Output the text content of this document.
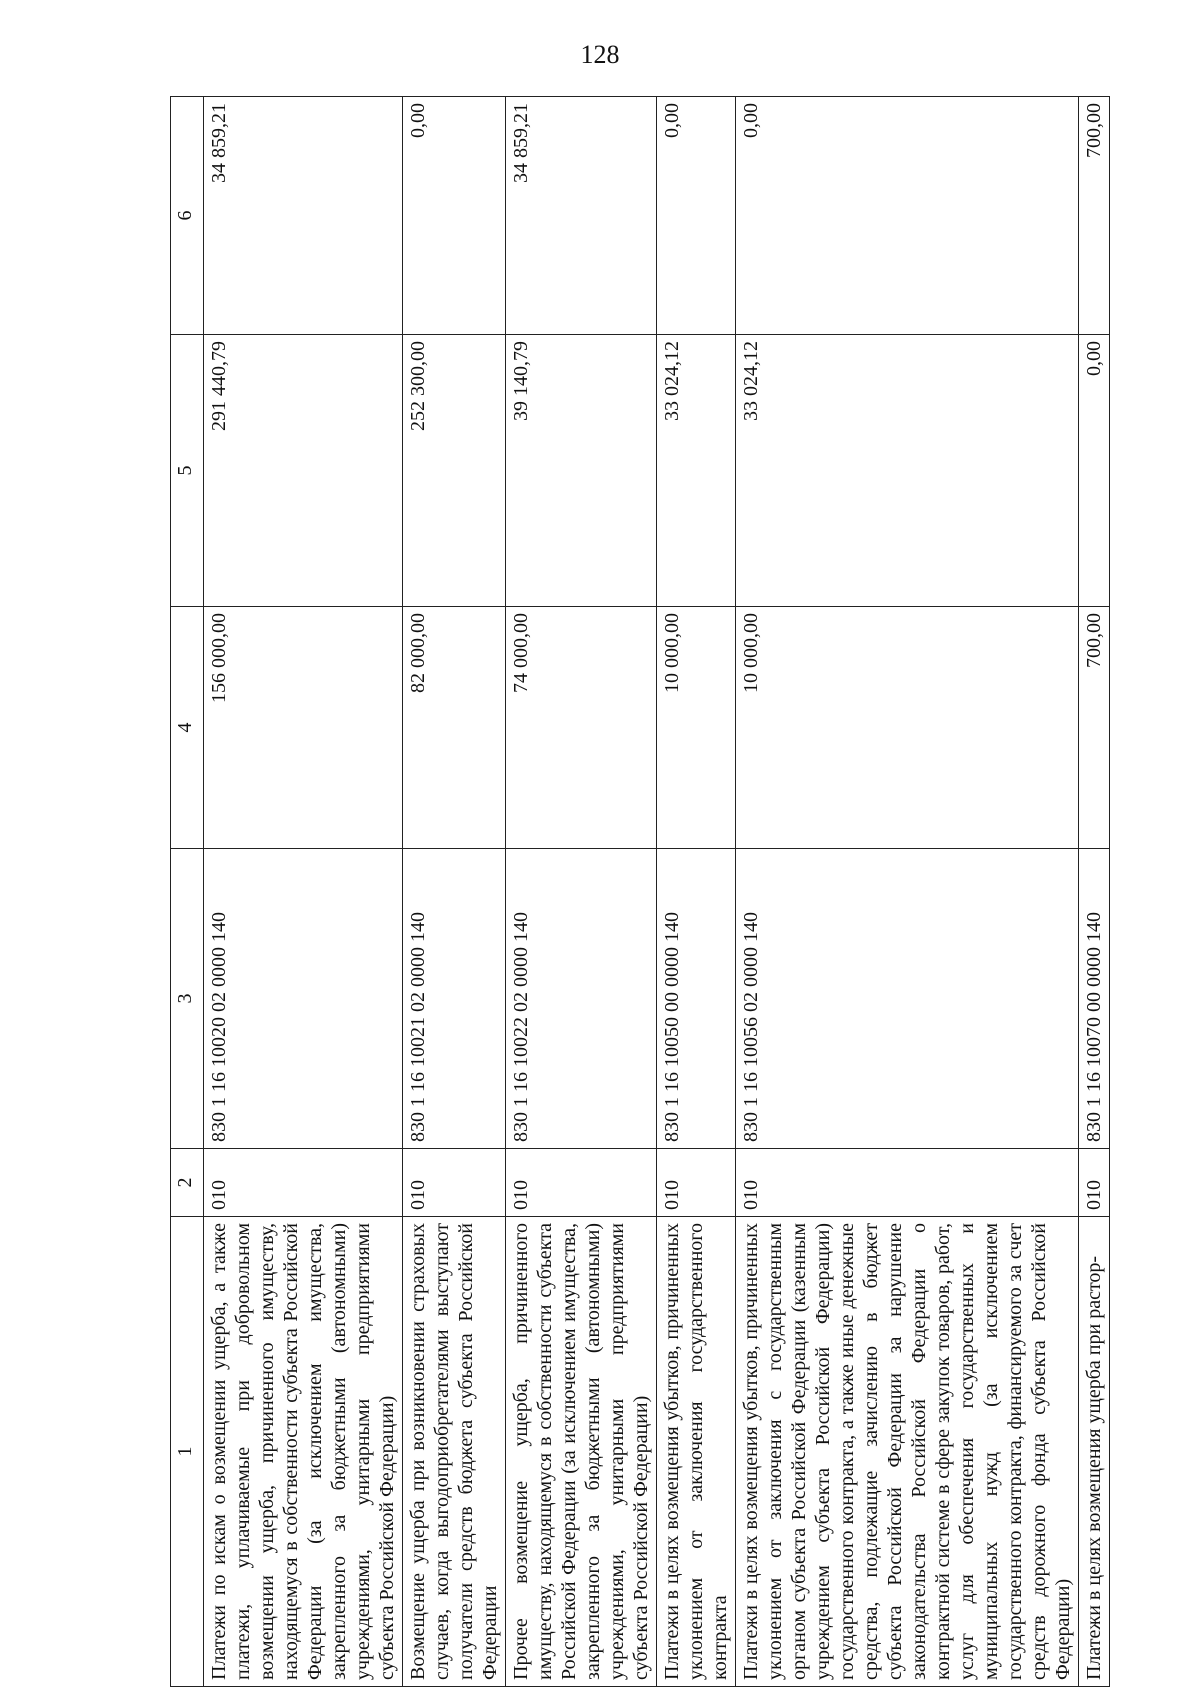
128
1	2	3	4	5	6
Платежи по искам о возмещении ущерба, а также платежи, уплачиваемые при добровольном возмещении ущерба, причиненного имуществу, находящемуся в собственности субъекта Российской Федерации (за исключением имущества, закрепленного за бюджетными (автономными) учреждениями, унитарными предприятиями субъекта Российской Федерации)	010	830 1 16 10020 02 0000 140	156 000,00	291 440,79	34 859,21
Возмещение ущерба при возникновении страховых случаев, когда выгодоприобретателями выступают получатели средств бюджета субъекта Российской Федерации	010	830 1 16 10021 02 0000 140	82 000,00	252 300,00	0,00
Прочее возмещение ущерба, причиненного имуществу, находящемуся в собственности субъекта Российской Федерации (за исключением имущества, закрепленного за бюджетными (автономными) учреждениями, унитарными предприятиями субъекта Российской Федерации)	010	830 1 16 10022 02 0000 140	74 000,00	39 140,79	34 859,21
Платежи в целях возмещения убытков, причиненных уклонением от заключения государственного контракта	010	830 1 16 10050 00 0000 140	10 000,00	33 024,12	0,00
Платежи в целях возмещения убытков, причиненных уклонением от заключения с государственным органом субъекта Российской Федерации (казенным учреждением субъекта Российской Федерации) государственного контракта, а также иные денежные средства, подлежащие зачислению в бюджет субъекта Российской Федерации за нарушение законодательства Российской Федерации о контрактной системе в сфере закупок товаров, работ, услуг для обеспечения государственных и муниципальных нужд (за исключением государственного контракта, финансируемого за счет средств дорожного фонда субъекта Российской Федерации)	010	830 1 16 10056 02 0000 140	10 000,00	33 024,12	0,00
Платежи в целях возмещения ущерба при растор-	010	830 1 16 10070 00 0000 140	700,00	0,00	700,00
